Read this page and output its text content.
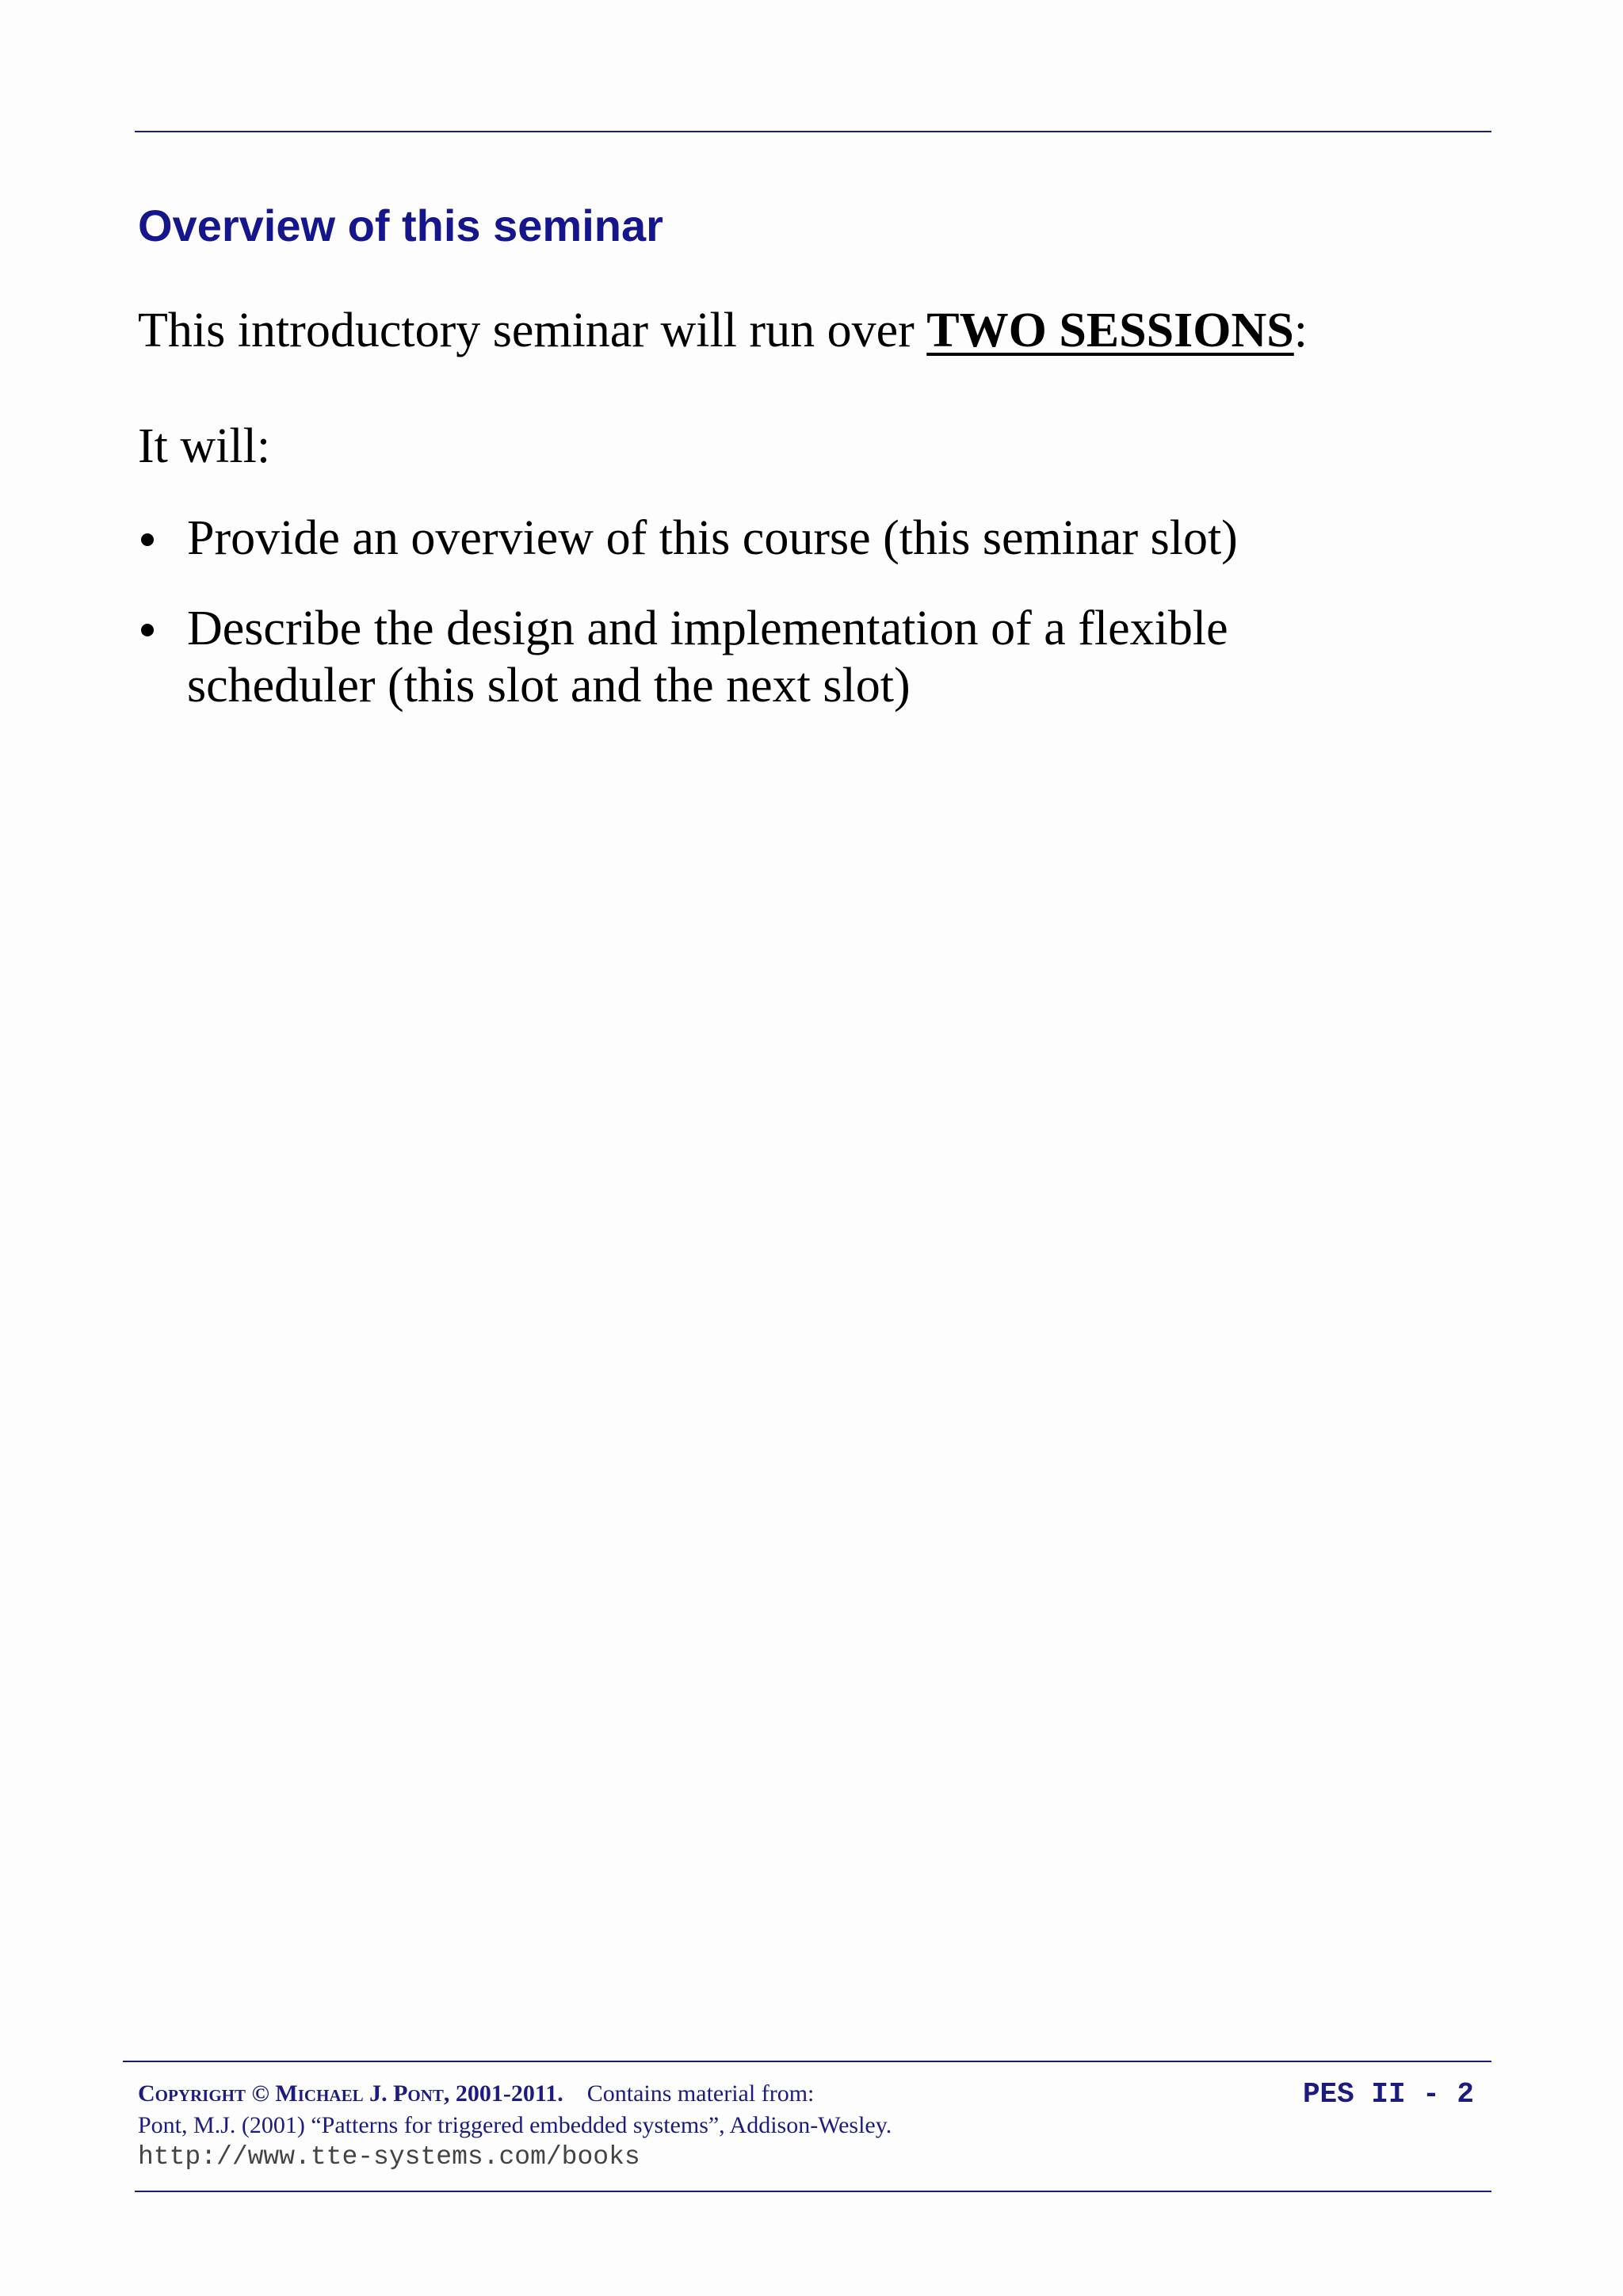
Overview of this seminar

This introductory seminar will run over TWO SESSIONS:

It will:

Provide an overview of this course (this seminar slot)
Describe the design and implementation of a flexible scheduler (this slot and the next slot)
Copyright © Michael J. Pont, 2001-2011. Contains material from:
Pont, M.J. (2001) “Patterns for triggered embedded systems”, Addison-Wesley.
http://www.tte-systems.com/books
PES II - 2
